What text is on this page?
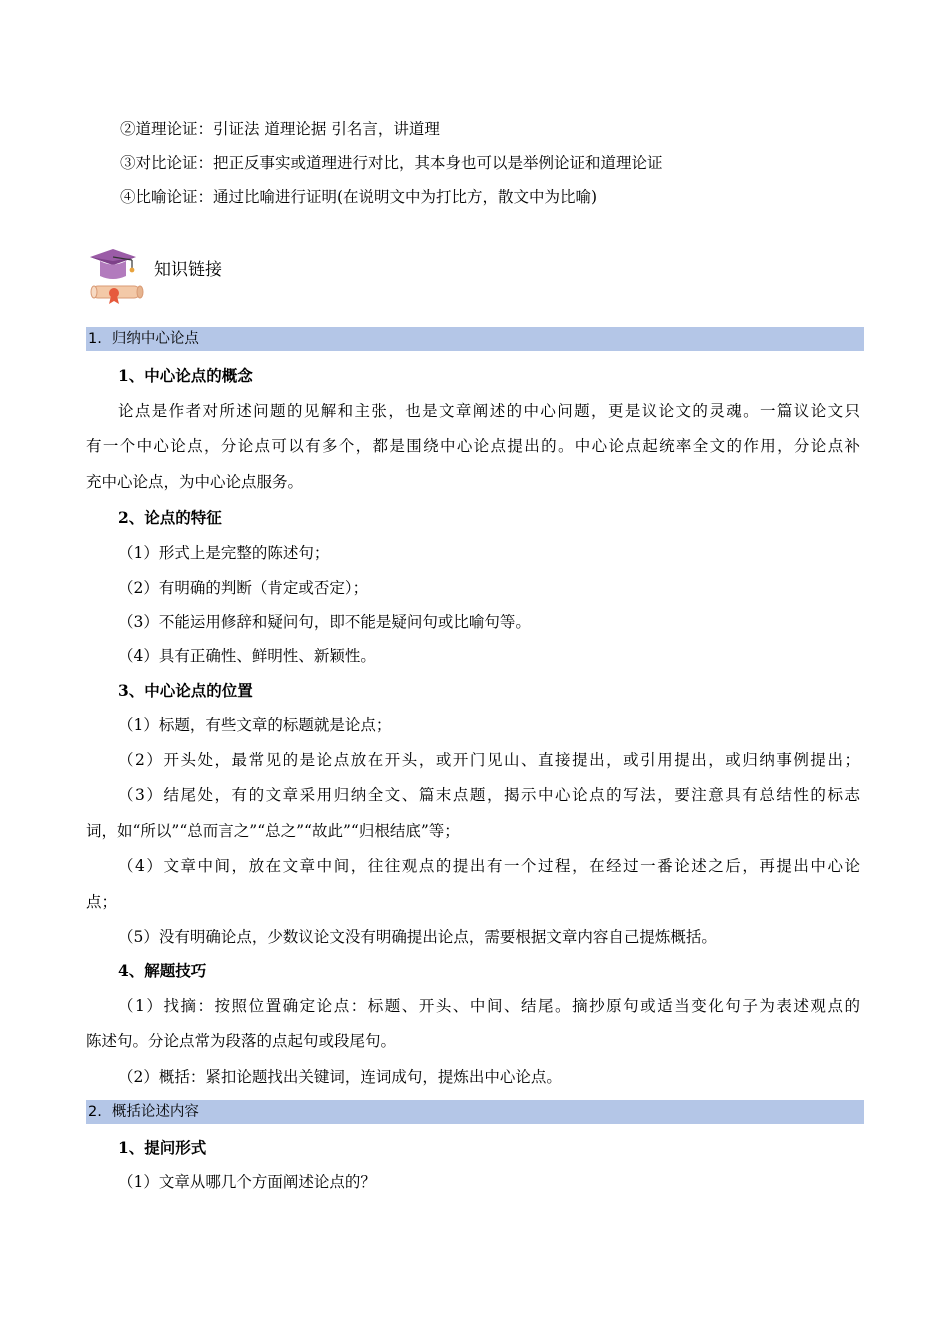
②道理论证：引证法 道理论据 引名言，讲道理
③对比论证：把正反事实或道理进行对比，其本身也可以是举例论证和道理论证
④比喻论证：通过比喻进行证明(在说明文中为打比方，散文中为比喻)
知识链接
1. 归纳中心论点
1、中心论点的概念
论点是作者对所述问题的见解和主张，也是文章阐述的中心问题，更是议论文的灵魂。一篇议论文只
有一个中心论点，分论点可以有多个，都是围绕中心论点提出的。中心论点起统率全文的作用，分论点补
充中心论点，为中心论点服务。
2、论点的特征
（1）形式上是完整的陈述句；
（2）有明确的判断（肯定或否定）；
（3）不能运用修辞和疑问句，即不能是疑问句或比喻句等。
（4）具有正确性、鲜明性、新颖性。
3、中心论点的位置
（1）标题，有些文章的标题就是论点；
（2）开头处，最常见的是论点放在开头，或开门见山、直接提出，或引用提出，或归纳事例提出；
（3）结尾处，有的文章采用归纳全文、篇末点题，揭示中心论点的写法，要注意具有总结性的标志
词，如“所以”“总而言之”“总之”“故此”“归根结底”等；
（4）文章中间，放在文章中间，往往观点的提出有一个过程，在经过一番论述之后，再提出中心论
点；
（5）没有明确论点，少数议论文没有明确提出论点，需要根据文章内容自己提炼概括。
4、解题技巧
（1）找摘：按照位置确定论点：标题、开头、中间、结尾。摘抄原句或适当变化句子为表述观点的
陈述句。分论点常为段落的点起句或段尾句。
（2）概括：紧扣论题找出关键词，连词成句，提炼出中心论点。
2. 概括论述内容
1、提问形式
（1）文章从哪几个方面阐述论点的？
